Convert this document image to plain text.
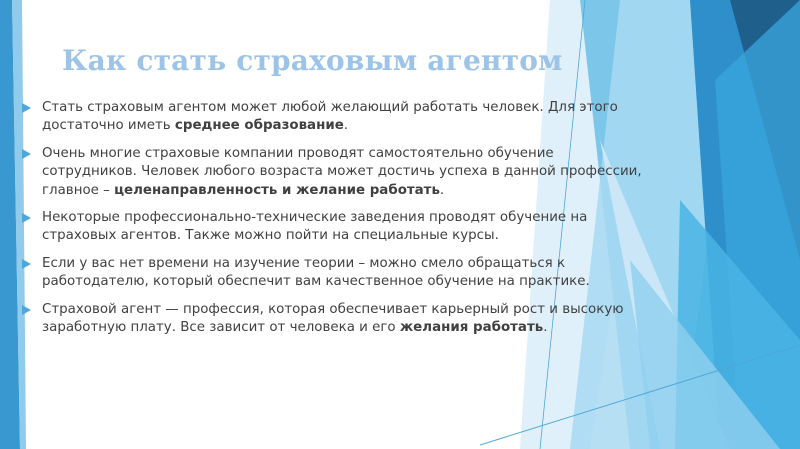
Как стать страховым агентом
Стать страховым агентом может любой желающий работать человек. Для этого достаточно иметь среднее образование.
Очень многие страховые компании проводят самостоятельно обучение сотрудников. Человек любого возраста может достичь успеха в данной профессии, главное – целенаправленность и желание работать.
Некоторые профессионально-технические заведения проводят обучение на страховых агентов. Также можно пойти на специальные курсы.
Если у вас нет времени на изучение теории – можно смело обращаться к работодателю, который обеспечит вам качественное обучение на практике.
Страховой агент — профессия, которая обеспечивает карьерный рост и высокую заработную плату. Все зависит от человека и его желания работать.
